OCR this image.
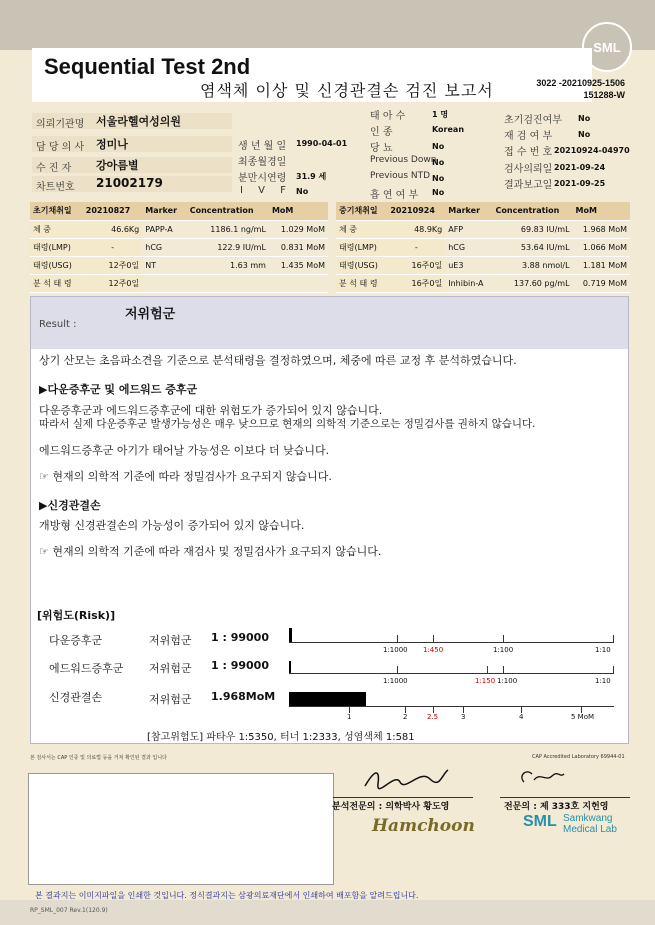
SML
Sequential Test 2nd
염색체 이상 및 신경관결손 검진 보고서	3022 -20210925-1506
151288-W
의뢰기관명 서울라헬여성의원
담 당 의 사 정미나
수 진 자 강아름별
차트번호 21002179
생 년 월 일 1990-04-01
최종월경일
분만시연령 31.9 세
I V F No
태 아 수	1 명
인 종	Korean
당 뇨	No
Previous Down
No
Previous NTD No
흡 연 여 부 No
초기검진여부 No
재 검 여 부	No
접 수 번 호 20210924-04970
검사의뢰일 2021-09-24
결과보고일 2021-09-25
초기채취일	20210827	Marker	Concentration	MoM
체 중	46.6Kg	PAPP-A	1186.1 ng/mL	1.029 MoM
태령(LMP)	-	hCG	122.9 IU/mL	0.831 MoM
태령(USG)	12주0일	NT	1.63 mm	1.435 MoM
분 석 태 령	12주0일			
중기채취일	20210924	Marker	Concentration	MoM
체 중	48.9Kg	AFP	69.83 IU/mL	1.968 MoM
태령(LMP)	-	hCG	53.64 IU/mL	1.066 MoM
태령(USG)	16주0일	uE3	3.88 nmol/L	1.181 MoM
분 석 태 령	16주0일	Inhibin-A	137.60 pg/mL	0.719 MoM
Result :
저위험군
상기 산모는 초음파소견을 기준으로 분석태령을 결정하였으며, 체중에 따른 교정 후 분석하였습니다.
▶다운증후군 및 에드워드 증후군
다운증후군과 에드워드증후군에 대한 위험도가 증가되어 있지 않습니다.
따라서 실제 다운증후군 발생가능성은 매우 낮으므로 현재의 의학적 기준으로는 정밀검사를 권하지 않습니다.
에드워드증후군 아기가 태어날 가능성은 이보다 더 낮습니다.
☞ 현재의 의학적 기준에 따라 정밀검사가 요구되지 않습니다.
▶신경관결손
개방형 신경관결손의 가능성이 증가되어 있지 않습니다.
☞ 현재의 의학적 기준에 따라 재검사 및 정밀검사가 요구되지 않습니다.
[위험도(Risk)]
다운증후군	저위험군 1 : 99000
1:1000 1:450	1:100	1:10
에드워드증후군 저위험군 1 : 99000
1:1000	1:150 1:100	1:10
신경관결손	저위험군 1.968MoM
1	2	2.5	3	4	5 MoM
[참고위험도] 파타우 1:5350, 터너 1:2333, 성염색체 1:581
본 검사서는 CAP 인증 및 의료법 등을 거쳐 확인된 결과 입니다	CAP Accredited Laboratory 69944-01
분석전문의 : 의학박사 황도영	전문의 : 제 333호 지헌영
Hamchoon	SML Samkwang
Medical Lab
본 결과지는 이미지파일을 인쇄한 것입니다. 정식결과지는 삼광의료재단에서 인쇄하여 배포함을 알려드립니다.
RP_SML_007 Rev.1(120.9)
